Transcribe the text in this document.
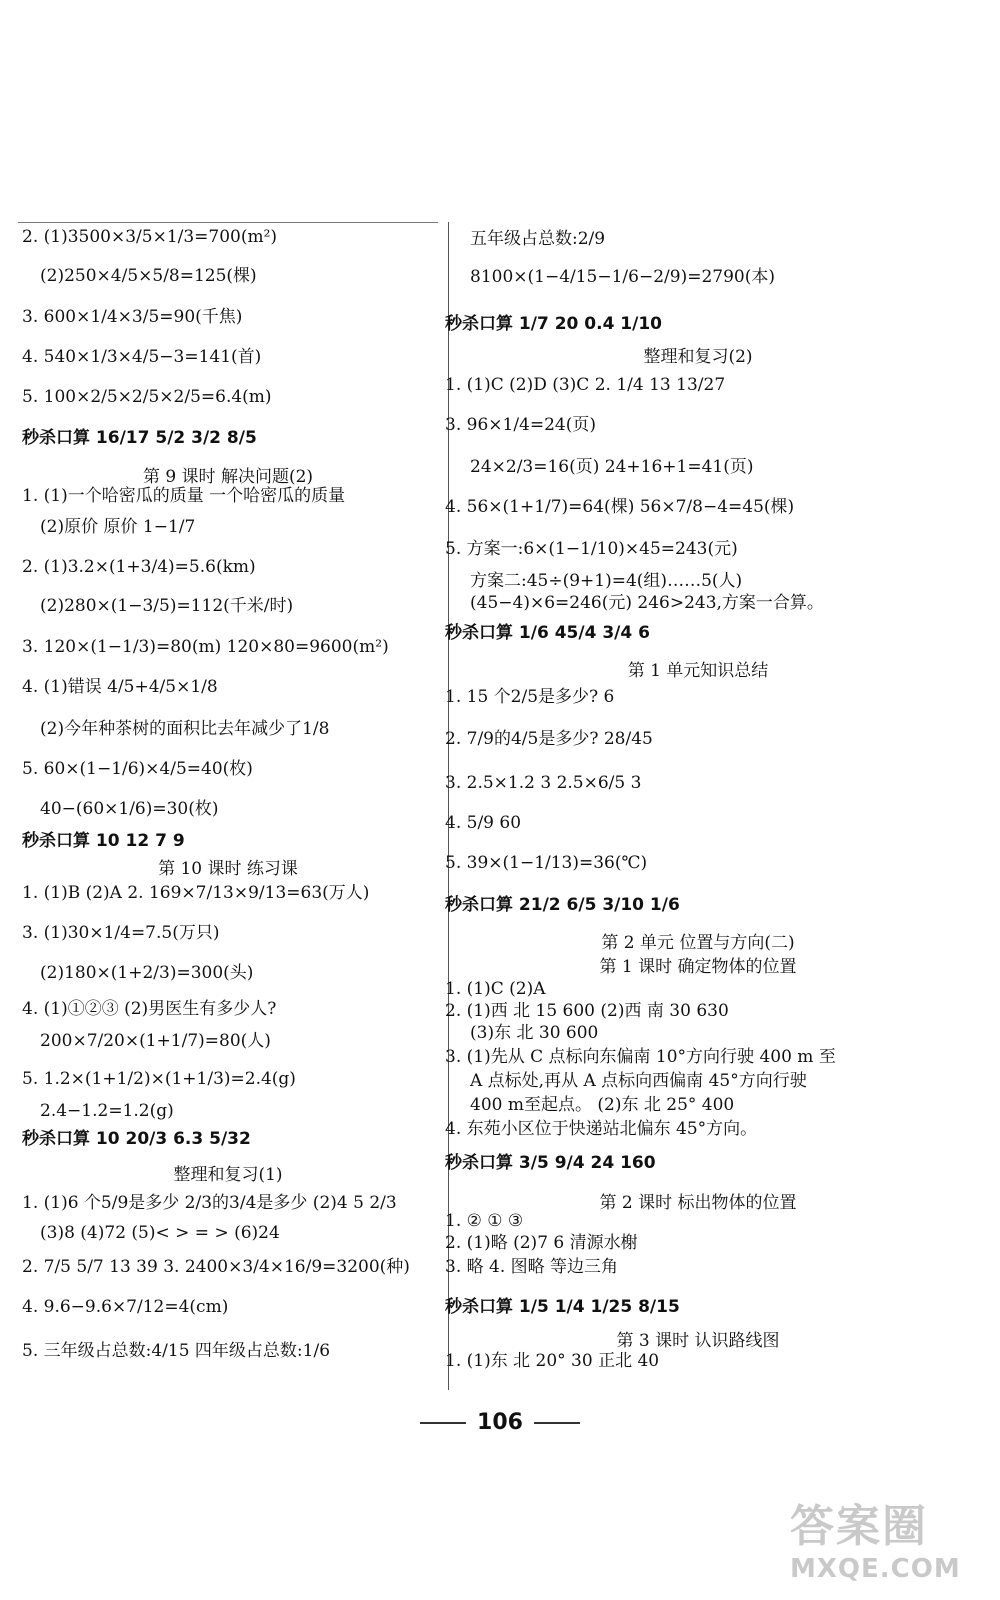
2. (1)3500×3/5×1/3=700(m²)
(2)250×4/5×5/8=125(棵)
3. 600×1/4×3/5=90(千焦)
4. 540×1/3×4/5−3=141(首)
5. 100×2/5×2/5×2/5=6.4(m)
秒杀口算 16/17 5/2 3/2 8/5
第 9 课时 解决问题(2)
1. (1)一个哈密瓜的质量 一个哈密瓜的质量
(2)原价 原价 1−1/7
2. (1)3.2×(1+3/4)=5.6(km)
(2)280×(1−3/5)=112(千米/时)
3. 120×(1−1/3)=80(m) 120×80=9600(m²)
4. (1)错误 4/5+4/5×1/8
(2)今年种茶树的面积比去年减少了1/8
5. 60×(1−1/6)×4/5=40(枚)
40−(60×1/6)=30(枚)
秒杀口算 10 12 7 9
第 10 课时 练习课
1. (1)B (2)A 2. 169×7/13×9/13=63(万人)
3. (1)30×1/4=7.5(万只)
(2)180×(1+2/3)=300(头)
4. (1)①②③ (2)男医生有多少人?
200×7/20×(1+1/7)=80(人)
5. 1.2×(1+1/2)×(1+1/3)=2.4(g)
2.4−1.2=1.2(g)
秒杀口算 10 20/3 6.3 5/32
整理和复习(1)
1. (1)6 个5/9是多少 2/3的3/4是多少 (2)4 5 2/3
(3)8 (4)72 (5)< > = > (6)24
2. 7/5 5/7 13 39 3. 2400×3/4×16/9=3200(种)
4. 9.6−9.6×7/12=4(cm)
5. 三年级占总数:4/15 四年级占总数:1/6
五年级占总数:2/9
8100×(1−4/15−1/6−2/9)=2790(本)
秒杀口算 1/7 20 0.4 1/10
整理和复习(2)
1. (1)C (2)D (3)C 2. 1/4 13 13/27
3. 96×1/4=24(页)
24×2/3=16(页) 24+16+1=41(页)
4. 56×(1+1/7)=64(棵) 56×7/8−4=45(棵)
5. 方案一:6×(1−1/10)×45=243(元)
方案二:45÷(9+1)=4(组)……5(人)
(45−4)×6=246(元) 246>243,方案一合算。
秒杀口算 1/6 45/4 3/4 6
第 1 单元知识总结
1. 15 个2/5是多少? 6
2. 7/9的4/5是多少? 28/45
3. 2.5×1.2 3 2.5×6/5 3
4. 5/9 60
5. 39×(1−1/13)=36(℃)
秒杀口算 21/2 6/5 3/10 1/6
第 2 单元 位置与方向(二)
第 1 课时 确定物体的位置
1. (1)C (2)A
2. (1)西 北 15 600 (2)西 南 30 630
(3)东 北 30 600
3. (1)先从 C 点标向东偏南 10°方向行驶 400 m 至
A 点标处,再从 A 点标向西偏南 45°方向行驶
400 m至起点。 (2)东 北 25° 400
4. 东苑小区位于快递站北偏东 45°方向。
秒杀口算 3/5 9/4 24 160
第 2 课时 标出物体的位置
1. ② ① ③
2. (1)略 (2)7 6 清源水榭
3. 略 4. 图略 等边三角
秒杀口算 1/5 1/4 1/25 8/15
第 3 课时 认识路线图
1. (1)东 北 20° 30 正北 40
106
答案圈
MXQE.COM
